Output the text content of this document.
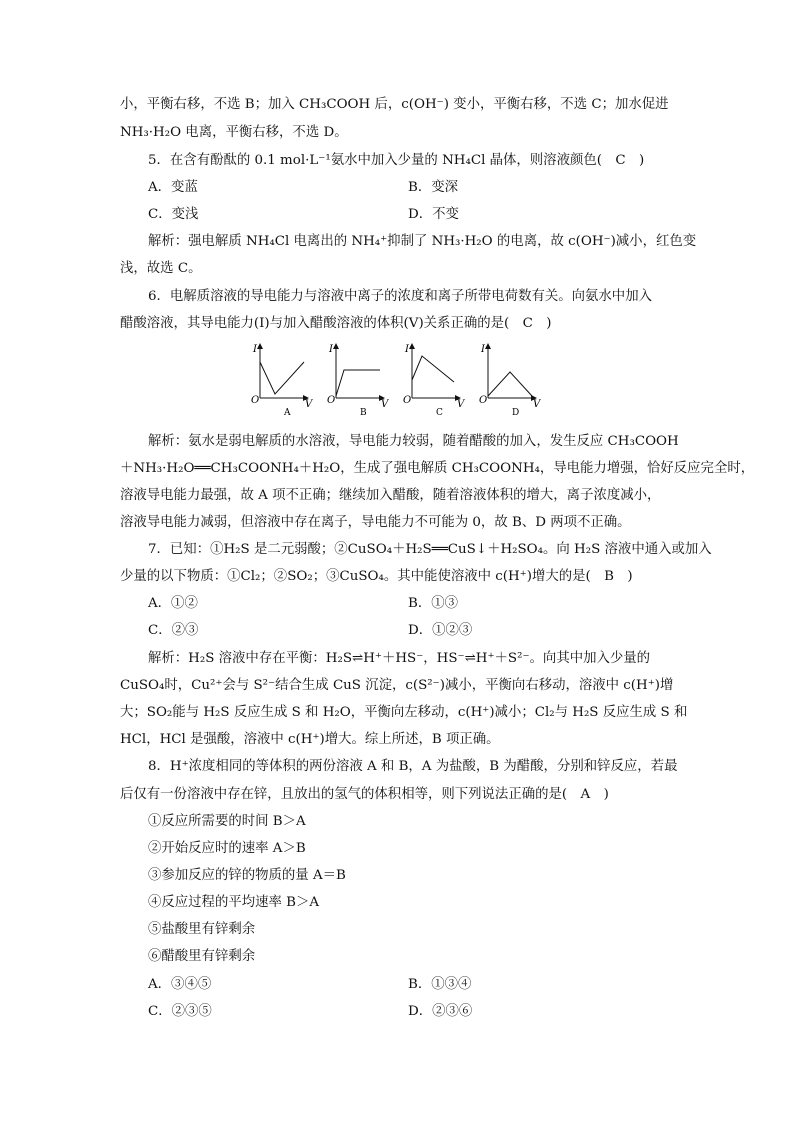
小，平衡右移，不选 B；加入 CH₃COOH 后，c(OH⁻) 变小，平衡右移，不选 C；加水促进
NH₃·H₂O 电离，平衡右移，不选 D。
5．在含有酚酞的 0.1 mol·L⁻¹氨水中加入少量的 NH₄Cl 晶体，则溶液颜色(　C　)
A．变蓝	B．变深
C．变浅	D．不变
解析：强电解质 NH₄Cl 电离出的 NH₄⁺抑制了 NH₃·H₂O 的电离，故 c(OH⁻)减小，红色变
浅，故选 C。
6．电解质溶液的导电能力与溶液中离子的浓度和离子所带电荷数有关。向氨水中加入
醋酸溶液，其导电能力(I)与加入醋酸溶液的体积(V)关系正确的是(　C　)
I
O	V
A
I
O	V
B
I
O	V
C
I
O	V
D
解析：氨水是弱电解质的水溶液，导电能力较弱，随着醋酸的加入，发生反应 CH₃COOH
＋NH₃·H₂O══CH₃COONH₄＋H₂O，生成了强电解质 CH₃COONH₄，导电能力增强，恰好反应完全时，
溶液导电能力最强，故 A 项不正确；继续加入醋酸，随着溶液体积的增大，离子浓度减小，
溶液导电能力减弱，但溶液中存在离子，导电能力不可能为 0，故 B、D 两项不正确。
7．已知：①H₂S 是二元弱酸；②CuSO₄＋H₂S══CuS↓＋H₂SO₄。向 H₂S 溶液中通入或加入
少量的以下物质：①Cl₂；②SO₂；③CuSO₄。其中能使溶液中 c(H⁺)增大的是(　B　)
A．①②	B．①③
C．②③	D．①②③
解析：H₂S 溶液中存在平衡：H₂S⇌H⁺＋HS⁻，HS⁻⇌H⁺＋S²⁻。向其中加入少量的
CuSO₄时，Cu²⁺会与 S²⁻结合生成 CuS 沉淀，c(S²⁻)减小，平衡向右移动，溶液中 c(H⁺)增
大；SO₂能与 H₂S 反应生成 S 和 H₂O，平衡向左移动，c(H⁺)减小；Cl₂与 H₂S 反应生成 S 和
HCl，HCl 是强酸，溶液中 c(H⁺)增大。综上所述，B 项正确。
8．H⁺浓度相同的等体积的两份溶液 A 和 B，A 为盐酸，B 为醋酸，分别和锌反应，若最
后仅有一份溶液中存在锌，且放出的氢气的体积相等，则下列说法正确的是(　A　)
①反应所需要的时间 B＞A
②开始反应时的速率 A＞B
③参加反应的锌的物质的量 A＝B
④反应过程的平均速率 B＞A
⑤盐酸里有锌剩余
⑥醋酸里有锌剩余
A．③④⑤	B．①③④
C．②③⑤	D．②③⑥
